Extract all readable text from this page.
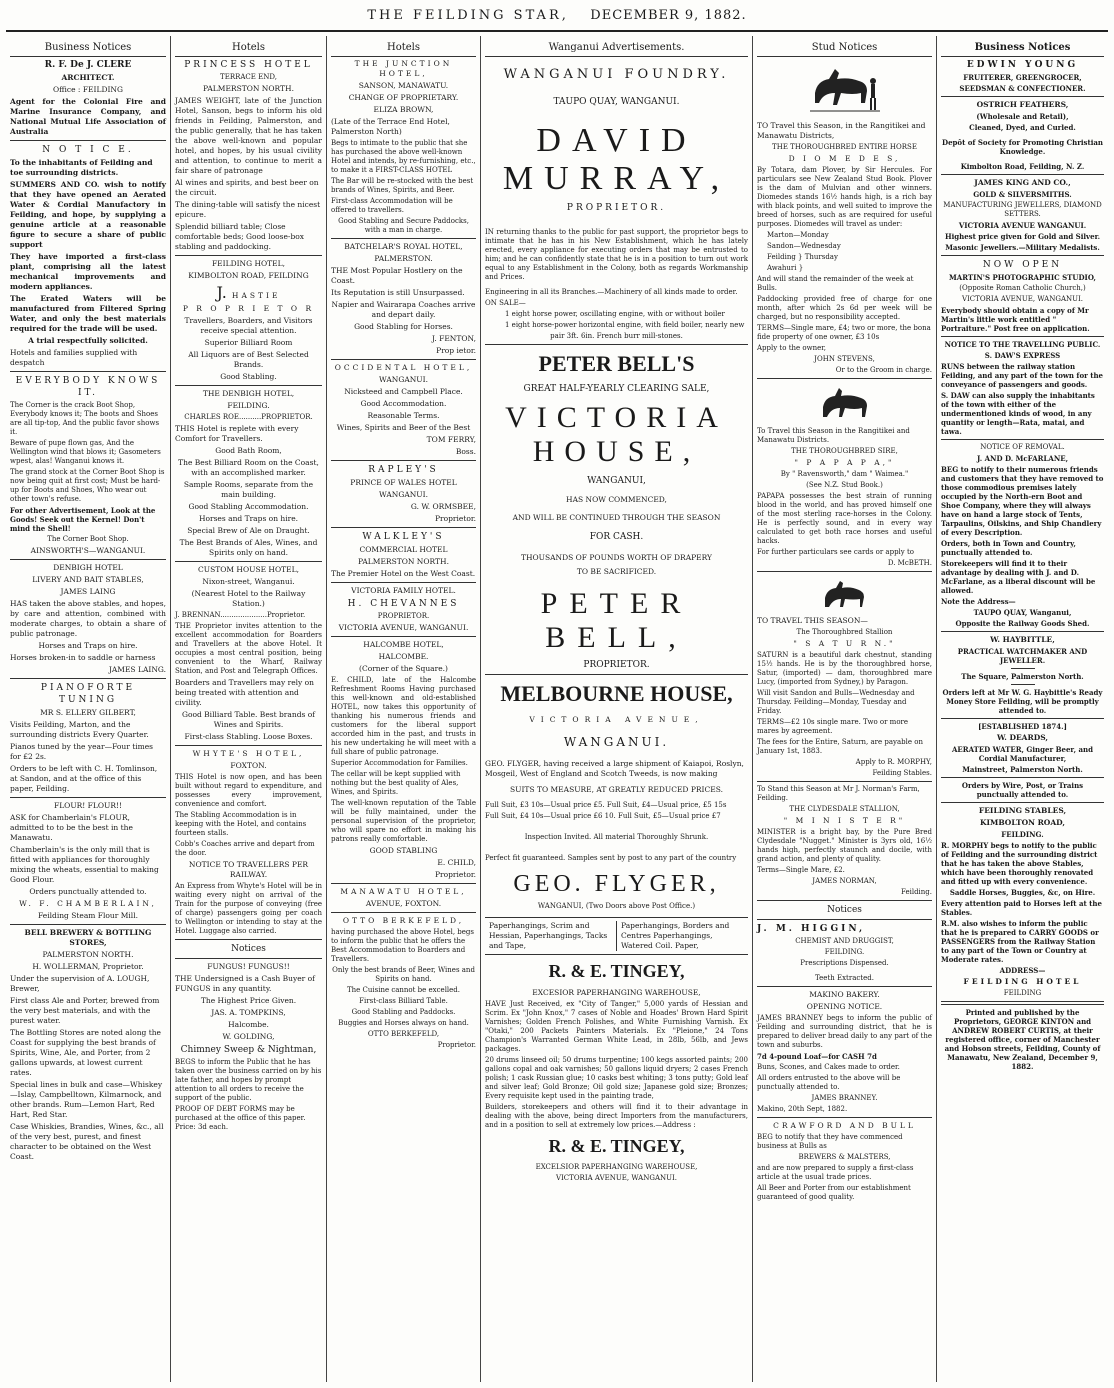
THE FEILDING STAR, DECEMBER 9, 1882.
Business Notices

R. F. De J. CLERE

ARCHITECT.

Office : FEILDING

Agent for the Colonial Fire and Marine Insurance Company, and National Mutual Life Association of Australia

N O T I C E.

To the inhabitants of Feilding and toe surrounding districts.

SUMMERS AND CO. wish to notify that they have opened an Aerated Water & Cordial Manufactory in Feilding, and hope, by supplying a genuine article at a reasonable figure to secure a share of public support

They have imported a first-class plant, comprising all the latest mechanical improvements and modern appliances.

The Erated Waters will be manufactured from Filtered Spring Water, and only the best materials required for the trade will be used.

A trial respectfully solicited.

Hotels and families supplied with despatch

EVERYBODY KNOWS IT.

The Corner is the crack Boot Shop, Everybody knows it; The boots and Shoes are all tip-top, And the public favor shows it.

Beware of pupe flown gas, And the Wellington wind that blows it; Gasometers wpest, alas! Wanganui knows it.

The grand stock at the Corner Boot Shop is now being quit at first cost; Must be hard-up for Boots and Shoes, Who wear out other town's refuse.

For other Advertisement, Look at the Goods! Seek out the Kernel! Don't mind the Shell!

The Corner Boot Shop.

AINSWORTH'S—WANGANUI.

DENBIGH HOTEL

LIVERY AND BAIT STABLES,

JAMES LAING

HAS taken the above stables, and hopes, by care and attention, combined with moderate charges, to obtain a share of public patronage.

Horses and Traps on hire.

Horses broken-in to saddle or harness

JAMES LAING.

PIANOFORTE TUNING

MR S. ELLERY GILBERT,

Visits Feilding, Marton, and the surrounding districts Every Quarter.

Pianos tuned by the year—Four times for £2 2s.

Orders to be left with C. H. Tomlinson, at Sandon, and at the office of this paper, Feilding.

FLOUR! FLOUR!!

ASK for Chamberlain's FLOUR, admitted to to be the best in the Manawatu.

Chamberlain's is the only mill that is fitted with appliances for thoroughly mixing the wheats, essential to making Good Flour.

Orders punctually attended to.

W. F. CHAMBERLAIN,

Feilding Steam Flour Mill.

BELL BREWERY & BOTTLING STORES,

PALMERSTON NORTH.

H. WOLLERMAN, Proprietor.

Under the supervision of A. LOUGH, Brewer,

First class Ale and Porter, brewed from the very best materials, and with the purest water.

The Bottling Stores are noted along the Coast for supplying the best brands of Spirits, Wine, Ale, and Porter, from 2 gallons upwards, at lowest current rates.

Special lines in bulk and case—Whiskey—Islay, Campbelltown, Kilmarnock, and other brands. Rum—Lemon Hart, Red Hart, Red Star.

Case Whiskies, Brandies, Wines, &c., all of the very best, purest, and finest character to be obtained on the West Coast.

Hotels

PRINCESS HOTEL

TERRACE END,

PALMERSTON NORTH.

JAMES WEIGHT, late of the Junction Hotel, Sanson, begs to inform his old friends in Feilding, Palmerston, and the public generally, that he has taken the above well-known and popular hotel, and hopes, by his usual civility and attention, to continue to merit a fair share of patronage

Al wines and spirits, and best beer on the circuit.

The dining-table will satisfy the nicest epicure.

Splendid billiard table; Close comfortable beds; Good loose-box stabling and paddocking.

FEILDING HOTEL,

KIMBOLTON ROAD, FEILDING

J. HASTIE

P R O P R I E T O R

Travellers, Boarders, and Visitors receive special attention.

Superior Billiard Room

All Liquors are of Best Selected Brands.

Good Stabling.

THE DENBIGH HOTEL,

FEILDING.

CHARLES ROE..........PROPRIETOR.

THIS Hotel is replete with every Comfort for Travellers.

Good Bath Room,

The Best Billiard Room on the Coast, with an accomplished marker.

Sample Rooms, separate from the main building.

Good Stabling Accommodation.

Horses and Traps on hire.

Special Brew of Ale on Draught.

The Best Brands of Ales, Wines, and Spirits only on hand.

CUSTOM HOUSE HOTEL,

Nixon-street, Wanganui.

(Nearest Hotel to the Railway Station.)

J. BRENNAN.....................Proprietor.

THE Proprietor invites attention to the excellent accommodation for Boarders and Travellers at the above Hotel. It occupies a most central position, being convenient to the Wharf, Railway Station, and Post and Telegraph Offices.

Boarders and Travellers may rely on being treated with attention and civility.

Good Billiard Table. Best brands of Wines and Spirits.

First-class Stabling. Loose Boxes.

WHYTE'S HOTEL,

FOXTON.

THIS Hotel is now open, and has been built without regard to expenditure, and possesses every improvement, convenience and comfort.

The Stabling Accommodation is in keeping with the Hotel, and contains fourteen stalls.

Cobb's Coaches arrive and depart from the door.

NOTICE TO TRAVELLERS PER RAILWAY.

An Express from Whyte's Hotel will be in waiting every night on arrival of the Train for the purpose of conveying (free of charge) passengers going per coach to Wellington or intending to stay at the Hotel. Luggage also carried.

Notices

FUNGUS! FUNGUS!!

THE Undersigned is a Cash Buyer of FUNGUS in any quantity.

The Highest Price Given.

JAS. A. TOMPKINS,

Halcombe.

W. GOLDING,

Chimney Sweep & Nightman,

BEGS to inform the Public that he has taken over the business carried on by his late father, and hopes by prompt attention to all orders to receive the support of the public.

PROOF OF DEBT FORMS may be purchased at the office of this paper. Price: 3d each.

Hotels

THE JUNCTION HOTEL,

SANSON, MANAWATU.

CHANGE OF PROPRIETARY.

ELIZA BROWN,

(Late of the Terrace End Hotel, Palmerston North)

Begs to intimate to the public that she has purchased the above well-known Hotel and intends, by re-furnishing, etc., to make it a FIRST-CLASS HOTEL

The Bar will be re-stocked with the best brands of Wines, Spirits, and Beer.

First-class Accommodation will be offered to travellers.

Good Stabling and Secure Paddocks, with a man in charge.

BATCHELAR'S ROYAL HOTEL,

PALMERSTON.

THE Most Popular Hostlery on the Coast.

Its Reputation is still Unsurpassed.

Napier and Wairarapa Coaches arrive and depart daily.

Good Stabling for Horses.

J. FENTON,

Prop ietor.

OCCIDENTAL HOTEL,

WANGANUI.

Nicksteed and Campbell Place.

Good Accommodation.

Reasonable Terms.

Wines, Spirits and Beer of the Best

TOM FERRY,

Boss.

RAPLEY'S

PRINCE OF WALES HOTEL

WANGANUI.

G. W. ORMSBEE,

Proprietor.

WALKLEY'S

COMMERCIAL HOTEL

PALMERSTON NORTH.

The Premier Hotel on the West Coast.

VICTORIA FAMILY HOTEL.

H. CHEVANNES

PROPRIETOR.

VICTORIA AVENUE, WANGANUI.

HALCOMBE HOTEL,

HALCOMBE.

(Corner of the Square.)

E. CHILD, late of the Halcombe Refreshment Rooms Having purchased this well-known and old-established HOTEL, now takes this opportunity of thanking his numerous friends and customers for the liberal support accorded him in the past, and trusts in his new undertaking he will meet with a full share of public patronage.

Superior Accommodation for Families.

The cellar will be kept supplied with nothing but the best quality of Ales, Wines, and Spirits.

The well-known reputation of the Table will be fully maintained, under the personal supervision of the proprietor, who will spare no effort in making his patrons really comfortable.

GOOD STABLING

E. CHILD,

Proprietor.

MANAWATU HOTEL,

AVENUE, FOXTON.

OTTO BERKEFELD,

having purchased the above Hotel, begs to inform the public that he offers the Best Accommodation to Boarders and Travellers.

Only the best brands of Beer, Wines and Spirits on hand.

The Cuisine cannot be excelled.

First-class Billiard Table.

Good Stabling and Paddocks.

Buggies and Horses always on hand.

OTTO BERKEFELD,

Proprietor.

Wanganui Advertisements.
WANGANUI FOUNDRY.

TAUPO QUAY, WANGANUI.

DAVID MURRAY,

PROPRIETOR.

IN returning thanks to the public for past support, the proprietor begs to intimate that he has in his New Establishment, which he has lately erected, every appliance for executing orders that may be entrusted to him; and he can confidently state that he is in a position to turn out work equal to any Establishment in the Colony, both as regards Workmanship and Prices.

Engineering in all its Branches.—Machinery of all kinds made to order.

ON SALE—

1 eight horse power, oscillating engine, with or without boiler

1 eight horse-power horizontal engine, with field boiler, nearly new

pair 3ft. 6in. French burr mill-stones.

PETER BELL'S

GREAT HALF-YEARLY CLEARING SALE,

VICTORIA HOUSE,

WANGANUI,

HAS NOW COMMENCED,

AND WILL BE CONTINUED THROUGH THE SEASON

FOR CASH.

THOUSANDS OF POUNDS WORTH OF DRAPERY

TO BE SACRIFICED.

PETER BELL,

PROPRIETOR.

MELBOURNE HOUSE,

VICTORIA AVENUE,

WANGANUI.

GEO. FLYGER, having received a large shipment of Kaiapoi, Roslyn, Mosgeil, West of England and Scotch Tweeds, is now making

SUITS TO MEASURE, AT GREATLY REDUCED PRICES.

Full Suit, £3 10s—Usual price £5. Full Suit, £4—Usual price, £5 15s

Full Suit, £4 10s—Usual price £6 10. Full Suit, £5—Usual price £7

Inspection Invited. All material Thoroughly Shrunk.

Perfect fit guaranteed. Samples sent by post to any part of the country

GEO. FLYGER,

WANGANUI, (Two Doors above Post Office.)

Paperhangings, Scrim and Hessian, Paperhangings, Tacks and Tape,
Paperhangings, Borders and Centres Paperhangings, Watered Coil. Paper,
R. & E. TINGEY,

EXCESIOR PAPERHANGING WAREHOUSE,

HAVE Just Received, ex "City of Tanger," 5,000 yards of Hessian and Scrim. Ex "John Knox," 7 cases of Noble and Hoades' Brown Hard Spirit Varnishes; Golden French Polishes, and White Furnishing Varnish. Ex "Otaki," 200 Packets Painters Materials. Ex "Pleione," 24 Tons Champion's Warranted German White Lead, in 28lb, 56lb, and Jews packages.

20 drums linseed oil; 50 drums turpentine; 100 kegs assorted paints; 200 gallons copal and oak varnishes; 50 gallons liquid dryers; 2 cases French polish; 1 cask Russian glue; 10 casks best whiting; 3 tons putty; Gold leaf and silver leaf; Gold Bronze; Oil gold size; Japanese gold size; Bronzes; Every requisite kept used in the painting trade,

Builders, storekeepers and others will find it to their advantage in dealing with the above, being direct Importers from the manufacturers, and in a position to sell at extremely low prices.—Address :

R. & E. TINGEY,

EXCELSIOR PAPERHANGING WAREHOUSE,

VICTORIA AVENUE, WANGANUI.

Stud Notices

TO Travel this Season, in the Rangitikei and Manawatu Districts,

THE THOROUGHBRED ENTIRE HORSE

D I O M E D E S,

By Totara, dam Plover, by Sir Hercules. For particulars see New Zealand Stud Book. Plover is the dam of Mulvian and other winners. Diomedes stands 16½ hands high, is a rich bay with black points, and well suited to improve the breed of horses, such as are required for useful purposes. Diomedes will travel as under:

Marton—Monday

Sandon—Wednesday

Feilding } Thursday

Awahuri }

And will stand the remainder of the week at Bulls.

Paddocking provided free of charge for one month, after which 2s 6d per week will be charged, but no responsibility accepted.

TERMS—Single mare, £4; two or more, the bona fide property of one owner, £3 10s

Apply to the owner,

JOHN STEVENS,

Or to the Groom in charge.

To Travel this Season in the Rangitikei and Manawatu Districts.

THE THOROUGHBRED SIRE,

" P A P A P A,"

By " Ravensworth," dam " Waimea."

(See N.Z. Stud Book.)

PAPAPA possesses the best strain of running blood in the world, and has proved himself one of the most sterling race-horses in the Colony. He is perfectly sound, and in every way calculated to get both race horses and useful hacks.

For further particulars see cards or apply to

D. McBETH.

TO TRAVEL THIS SEASON—

The Thoroughbred Stallion

" S A T U R N."

SATURN is a beautiful dark chestnut, standing 15½ hands. He is by the thoroughbred horse, Satur, (imported) — dam, thoroughbred mare Lucy, (imported from Sydney,) by Paragon.

Will visit Sandon and Bulls—Wednesday and Thursday. Feilding—Monday, Tuesday and Friday.

TERMS—£2 10s single mare. Two or more mares by agreement.

The fees for the Entire, Saturn, are payable on January 1st, 1883.

Apply to R. MORPHY,

Feilding Stables.

To Stand this Season at Mr J. Norman's Farm, Feilding.

THE CLYDESDALE STALLION,

" M I N I S T E R"

MINISTER is a bright bay, by the Pure Bred Clydesdale "Nugget." Minister is 3yrs old, 16½ hands high, perfectly staunch and docile, with grand action, and plenty of quality.

Terms—Single Mare, £2.

JAMES NORMAN,

Feilding.

Notices

J. M. HIGGIN,

CHEMIST AND DRUGGIST,

FEILDING.

Prescriptions Dispensed.

Teeth Extracted.

MAKINO BAKERY.

OPENING NOTICE.

JAMES BRANNEY begs to inform the public of Feilding and surrounding district, that he is prepared to deliver bread daily to any part of the town and suburbs.

7d 4-pound Loaf—for CASH 7d

Buns, Scones, and Cakes made to order.

All orders entrusted to the above will be punctually attended to.

JAMES BRANNEY.

Makino, 20th Sept, 1882.

CRAWFORD AND BULL

BEG to notify that they have commenced business at Bulls as

BREWERS & MALSTERS,

and are now prepared to supply a first-class article at the usual trade prices.

All Beer and Porter from our establishment guaranteed of good quality.

Business Notices

EDWIN YOUNG

FRUITERER, GREENGROCER,

SEEDSMAN & CONFECTIONER.

OSTRICH FEATHERS,

(Wholesale and Retail),

Cleaned, Dyed, and Curled.

Depôt of Society for Promoting Christian Knowledge.

Kimbolton Road, Feilding, N. Z.

JAMES KING AND CO.,

GOLD & SILVERSMITHS.

MANUFACTURING JEWELLERS, DIAMOND SETTERS.

VICTORIA AVENUE WANGANUI.

Highest price given for Gold and Silver.

Masonic Jewellers.—Military Medalists.

NOW OPEN

MARTIN'S PHOTOGRAPHIC STUDIO,

(Opposite Roman Catholic Church,)

VICTORIA AVENUE, WANGANUI.

Everybody should obtain a copy of Mr Martin's little work entitled " Portraiture." Post free on application.

NOTICE TO THE TRAVELLING PUBLIC.

S. DAW'S EXPRESS

RUNS between the railway station Feilding, and any part of the town for the conveyance of passengers and goods.

S. DAW can also supply the inhabitants of the town with either of the undermentioned kinds of wood, in any quantity or length—Rata, matai, and tawa.

NOTICE OF REMOVAL.

J. AND D. McFARLANE,

BEG to notify to their numerous friends and customers that they have removed to those commodious premises lately occupied by the North-ern Boot and Shoe Company, where they will always have on hand a large stock of Tents, Tarpaulins, Oilskins, and Ship Chandlery of every Description.

Orders, both in Town and Country, punctually attended to.

Storekeepers will find it to their advantage by dealing with J. and D. McFarlane, as a liberal discount will be allowed.

Note the Address—

TAUPO QUAY, Wanganui,

Opposite the Railway Goods Shed.

W. HAYBITTLE,

PRACTICAL WATCHMAKER AND JEWELLER.

The Square, Palmerston North.

Orders left at Mr W. G. Haybittle's Ready Money Store Feilding, will be promptly attended to.

[ESTABLISHED 1874.]

W. DEARDS,

AERATED WATER, Ginger Beer, and Cordial Manufacturer,

Mainstreet, Palmerston North.

Orders by Wire, Post, or Trains punctually attended to.

FEILDING STABLES,

KIMBOLTON ROAD,

FEILDING.

R. MORPHY begs to notify to the public of Feilding and the surrounding district that he has taken the above Stables, which have been thoroughly renovated and fitted up with every convenience.

Saddle Horses, Buggies, &c, on Hire.

Every attention paid to Horses left at the Stables.

R.M. also wishes to inform the public that he is prepared to CARRY GOODS or PASSENGERS from the Railway Station to any part of the Town or Country at Moderate rates.

ADDRESS—

FEILDING HOTEL

FEILDING

Printed and published by the Proprietors, GEORGE KINTON and ANDREW ROBERT CURTIS, at their registered office, corner of Manchester and Hobson streets, Feilding, County of Manawatu, New Zealand, December 9, 1882.
